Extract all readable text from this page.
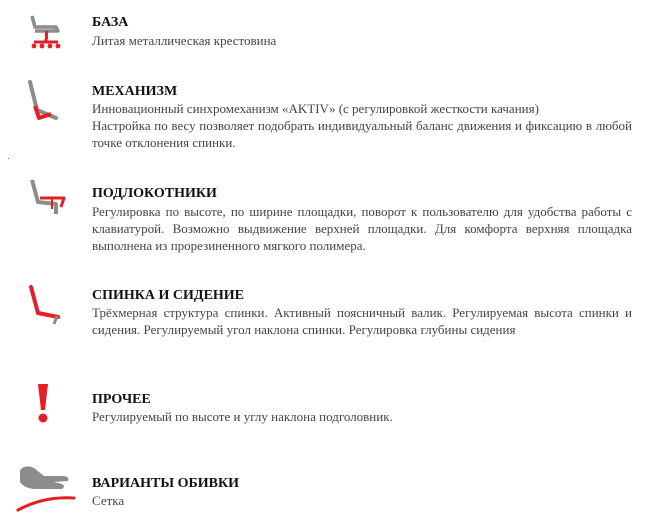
БАЗА
Литая металлическая крестовина
МЕХАНИЗМ
Инновационный синхромеханизм «AKTIV» (с регулировкой жесткости качания)
Настройка по весу позволяет подобрать индивидуальный баланс движения и фиксацию в любой точке отклонения спинки.
ПОДЛОКОТНИКИ
Регулировка по высоте, по ширине площадки, поворот к пользователю для удобства работы с клавиатурой. Возможно выдвижение верхней площадки. Для комфорта верхняя площадка выполнена из прорезиненного мягкого полимера.
СПИНКА И СИДЕНИЕ
Трёхмерная структура спинки. Активный поясничный валик. Регулируемая высота спинки и сидения. Регулируемый угол наклона спинки. Регулировка глубины сидения
ПРОЧЕЕ
Регулируемый по высоте и углу наклона подголовник.
ВАРИАНТЫ ОБИВКИ
Сетка
